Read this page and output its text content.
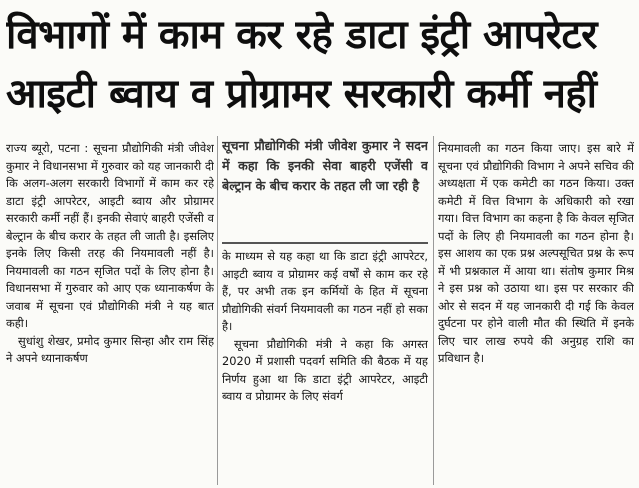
विभागों में काम कर रहे डाटा इंट्री आपरेटर
आइटी ब्वाय व प्रोग्रामर सरकारी कर्मी नहीं

राज्य ब्यूरो, पटना : सूचना प्रौद्योगिकी मंत्री जीवेश कुमार ने विधानसभा में गुरुवार को यह जानकारी दी कि अलग-अलग सरकारी विभागों में काम कर रहे डाटा इंट्री आपरेटर, आइटी ब्वाय और प्रोग्रामर सरकारी कर्मी नहीं हैं। इनकी सेवाएं बाहरी एजेंसी व बेल्ट्रान के बीच करार के तहत ली जाती है। इसलिए इनके लिए किसी तरह की नियमावली नहीं है। नियमावली का गठन सृजित पदों के लिए होना है। विधानसभा में गुरुवार को आए एक ध्यानाकर्षण के जवाब में सूचना एवं प्रौद्योगिकी मंत्री ने यह बात कही।

सुधांशु शेखर, प्रमोद कुमार सिन्हा और राम सिंह ने अपने ध्यानाकर्षण

सूचना प्रौद्योगिकी मंत्री जीवेश कुमार ने सदन में कहा कि इनकी सेवा बाहरी एजेंसी व बेल्ट्रान के बीच करार के तहत ली जा रही है

के माध्यम से यह कहा था कि डाटा इंट्री आपरेटर, आइटी ब्वाय व प्रोग्रामर कई वर्षों से काम कर रहे हैं, पर अभी तक इन कर्मियों के हित में सूचना प्रौद्योगिकी संवर्ग नियमावली का गठन नहीं हो सका है।

सूचना प्रौद्योगिकी मंत्री ने कहा कि अगस्त 2020 में प्रशासी पदवर्ग समिति की बैठक में यह निर्णय हुआ था कि डाटा इंट्री आपरेटर, आइटी ब्वाय व प्रोग्रामर के लिए संवर्ग

नियमावली का गठन किया जाए। इस बारे में सूचना एवं प्रौद्योगिकी विभाग ने अपने सचिव की अध्यक्षता में एक कमेटी का गठन किया। उक्त कमेटी में वित्त विभाग के अधिकारी को रखा गया। वित्त विभाग का कहना है कि केवल सृजित पदों के लिए ही नियमावली का गठन होना है। इस आशय का एक प्रश्न अल्पसूचित प्रश्न के रूप में भी प्रश्नकाल में आया था। संतोष कुमार मिश्र ने इस प्रश्न को उठाया था। इस पर सरकार की ओर से सदन में यह जानकारी दी गई कि केवल दुर्घटना पर होने वाली मौत की स्थिति में इनके लिए चार लाख रुपये की अनुग्रह राशि का प्रविधान है।
